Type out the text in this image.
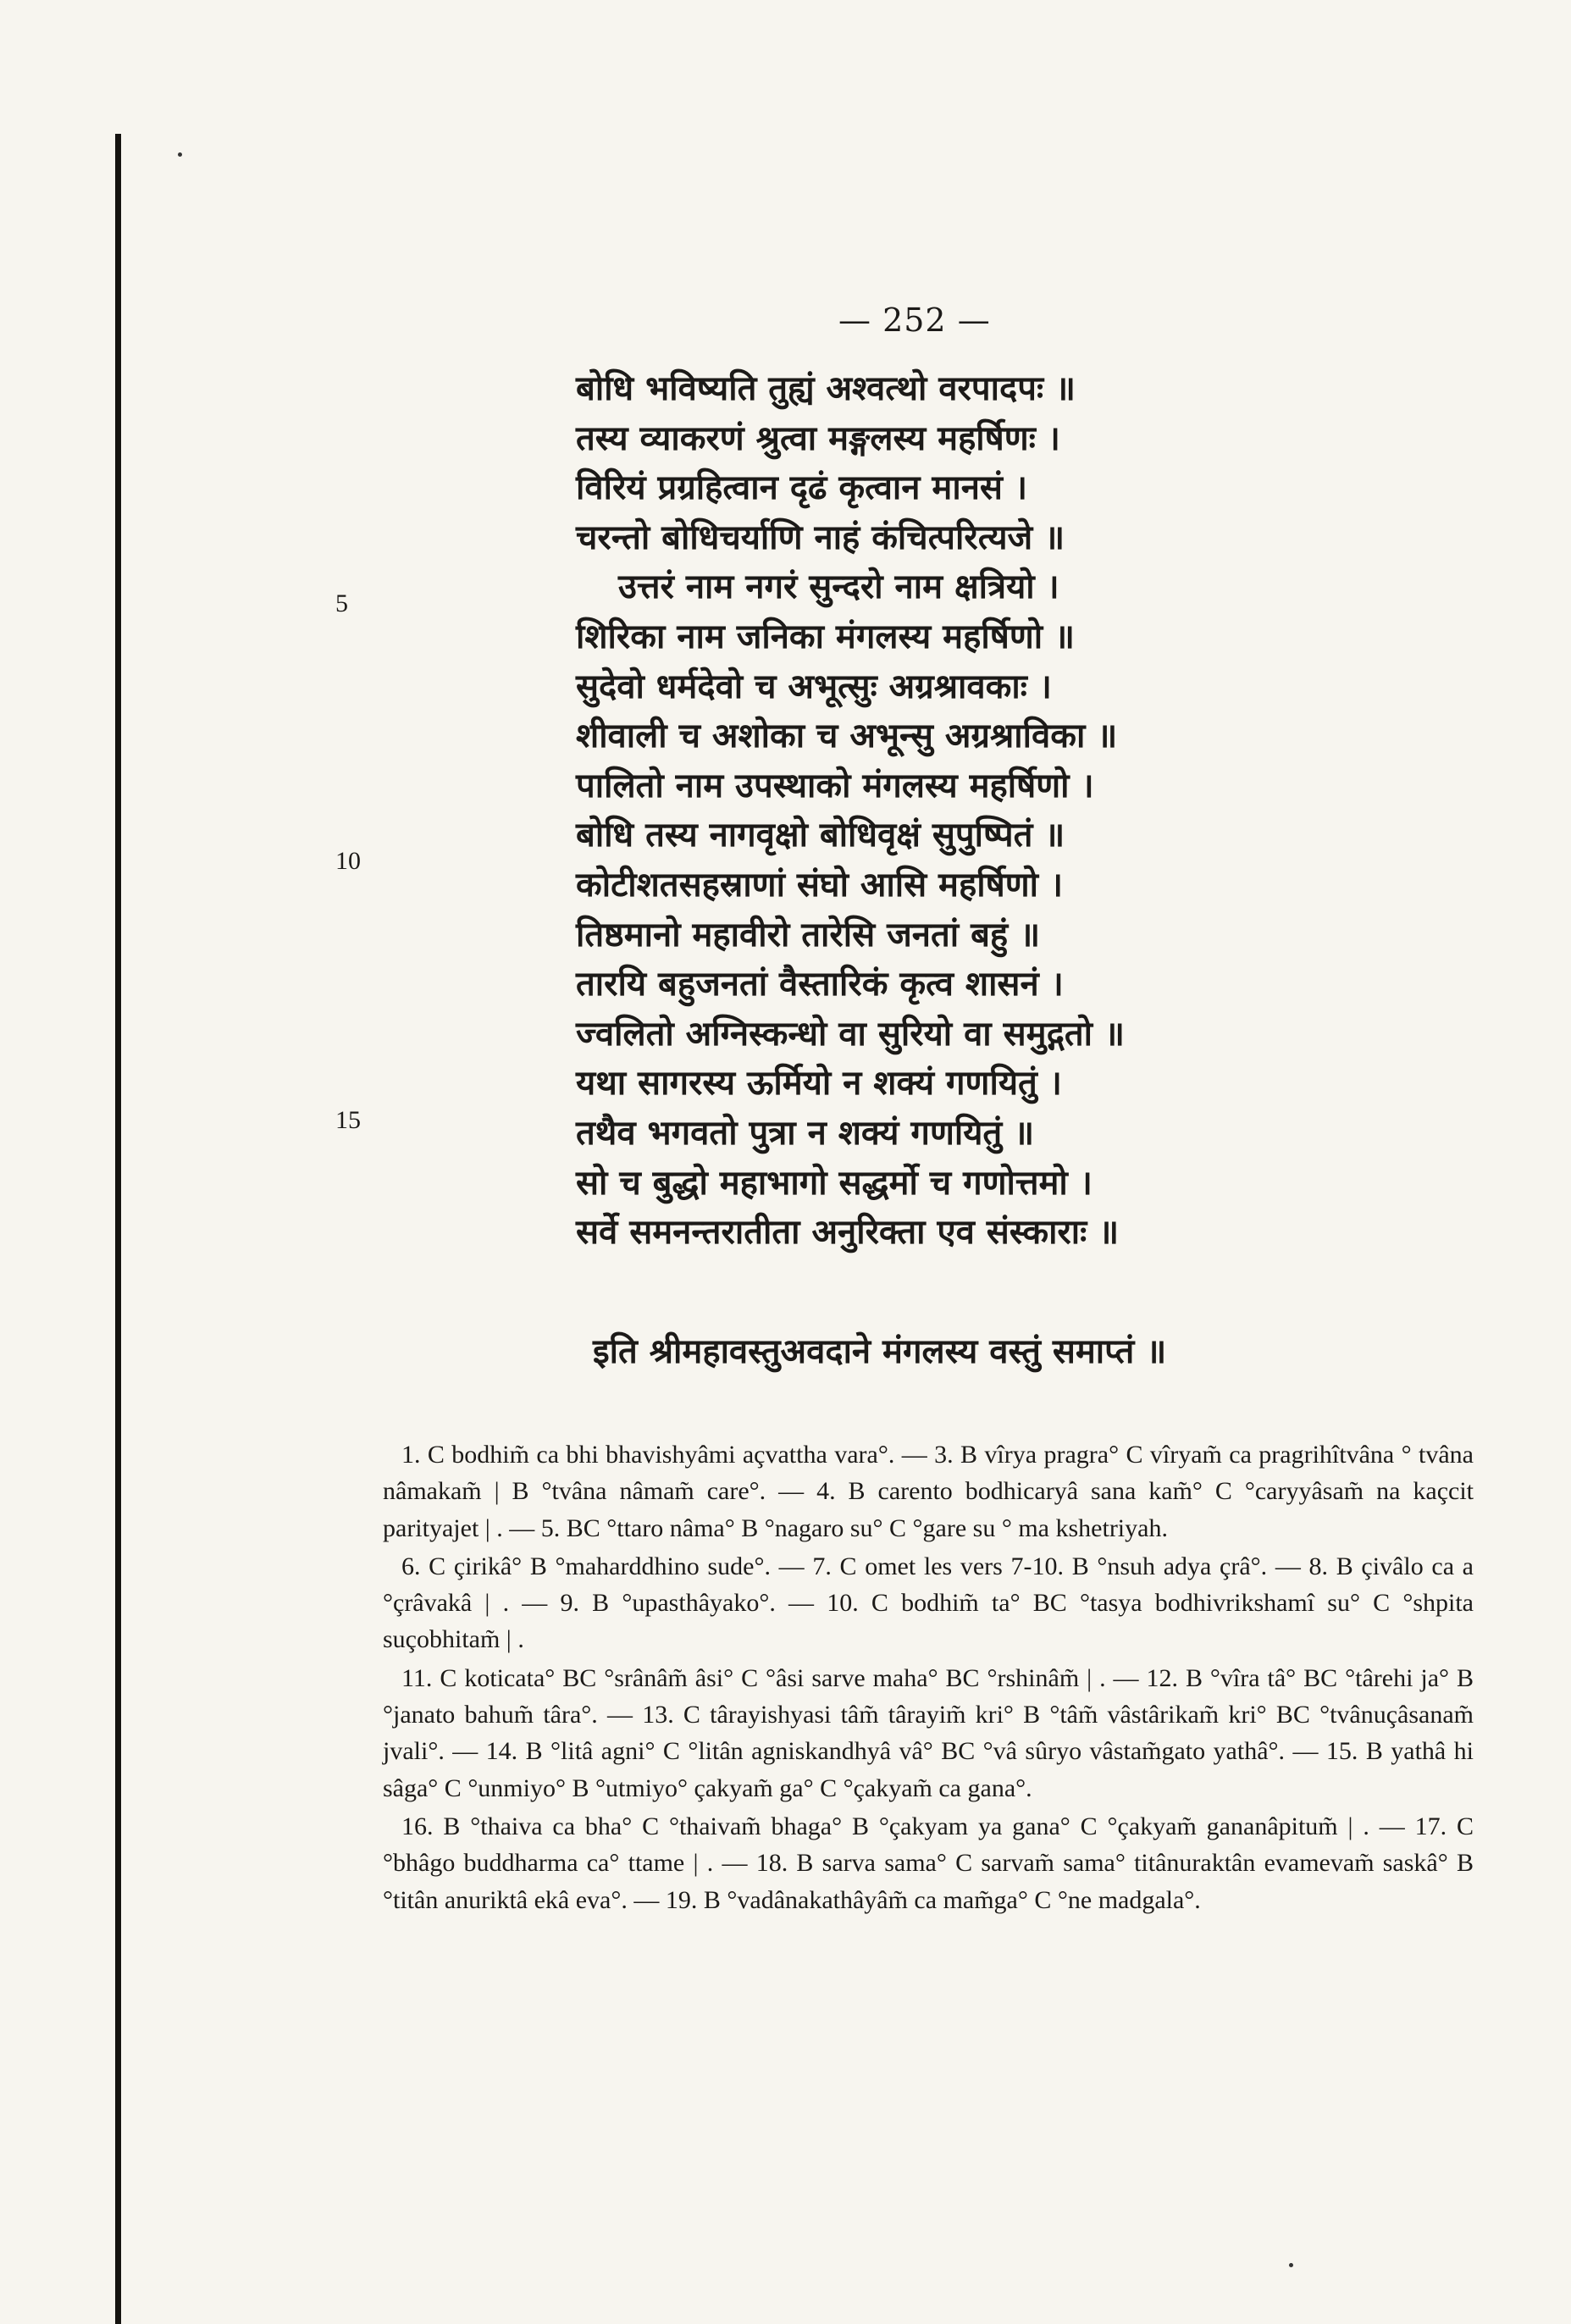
— 252 —
बोधि भविष्यति तुह्यं अश्वत्थो वरपादपः ॥
तस्य व्याकरणं श्रुत्वा मङ्गलस्य महर्षिणः ।
विरियं प्रग्रहित्वान दृढं कृत्वान मानसं ।
चरन्तो बोधिचर्याणि नाहं कंचित्परित्यजे ॥
उत्तरं नाम नगरं सुन्दरो नाम क्षत्रियो ।
शिरिका नाम जनिका मंगलस्य महर्षिणो ॥
सुदेवो धर्मदेवो च अभूत्सुः अग्रश्रावकाः ।
शीवाली च अशोका च अभून्सु अग्रश्राविका ॥
पालितो नाम उपस्थाको मंगलस्य महर्षिणो ।
बोधि तस्य नागवृक्षो बोधिवृक्षं सुपुष्पितं ॥
कोटीशतसहस्राणां संघो आसि महर्षिणो ।
तिष्ठमानो महावीरो तारेसि जनतां बहुं ॥
तारयि बहुजनतां वैस्तारिकं कृत्व शासनं ।
ज्वलितो अग्निस्कन्धो वा सुरियो वा समुद्गतो ॥
यथा सागरस्य ऊर्मियो न शक्यं गणयितुं ।
तथैव भगवतो पुत्रा न शक्यं गणयितुं ॥
सो च बुद्धो महाभागो सद्धर्मो च गणोत्तमो ।
सर्वे समनन्तरातीता अनुरिक्ता एव संस्काराः ॥
5
10
15
इति श्रीमहावस्तुअवदाने मंगलस्य वस्तुं समाप्तं ॥

1. C bodhim̃ ca bhi bhavishyâmi açvattha vara°. — 3. B vîrya pragra° C vîryam̃ ca pragrihîtvâna ° tvâna nâmakam̃ | B °tvâna nâmam̃ care°. — 4. B carento bodhicaryâ sana kam̃° C °caryyâsam̃ na kaçcit parityajet | . — 5. BC °ttaro nâma° B °nagaro su° C °gare su ° ma kshetriyah.

6. C çirikâ° B °maharddhino sude°. — 7. C omet les vers 7-10. B °nsuh adya çrâ°. — 8. B çivâlo ca a °çrâvakâ | . — 9. B °upasthâyako°. — 10. C bodhim̃ ta° BC °tasya bodhivrikshamî su° C °shpita suçobhitam̃ | .

11. C koticata° BC °srânâm̃ âsi° C °âsi sarve maha° BC °rshinâm̃ | . — 12. B °vîra tâ° BC °târehi ja° B °janato bahum̃ târa°. — 13. C târayishyasi tâm̃ târayim̃ kri° B °tâm̃ vâstârikam̃ kri° BC °tvânuçâsanam̃ jvali°. — 14. B °litâ agni° C °litân agniskandhyâ vâ° BC °vâ sûryo vâstam̃gato yathâ°. — 15. B yathâ hi sâga° C °unmiyo° B °utmiyo° çakyam̃ ga° C °çakyam̃ ca gana°.

16. B °thaiva ca bha° C °thaivam̃ bhaga° B °çakyam ya gana° C °çakyam̃ gananâpitum̃ | . — 17. C °bhâgo buddharma ca° ttame | . — 18. B sarva sama° C sarvam̃ sama° titânuraktân evamevam̃ saskâ° B °titân anuriktâ ekâ eva°. — 19. B °vadânakathâyâm̃ ca mam̃ga° C °ne madgala°.
